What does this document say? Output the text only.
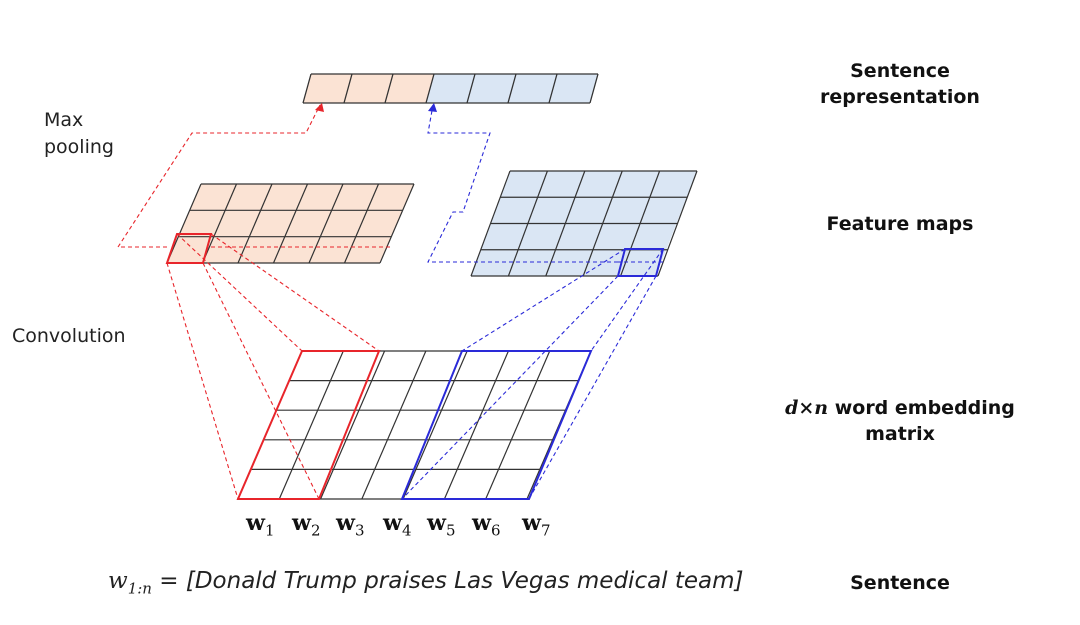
Sentence
representation
Feature maps
d×n word embedding
matrix
Sentence
Max
pooling
Convolution
$w_1$ $w_2$ $w_3$ $w_4$ $w_5$ $w_6$ $w_7$
$w_{1:n}$ = [Donald Trump praises Las Vegas medical team]
